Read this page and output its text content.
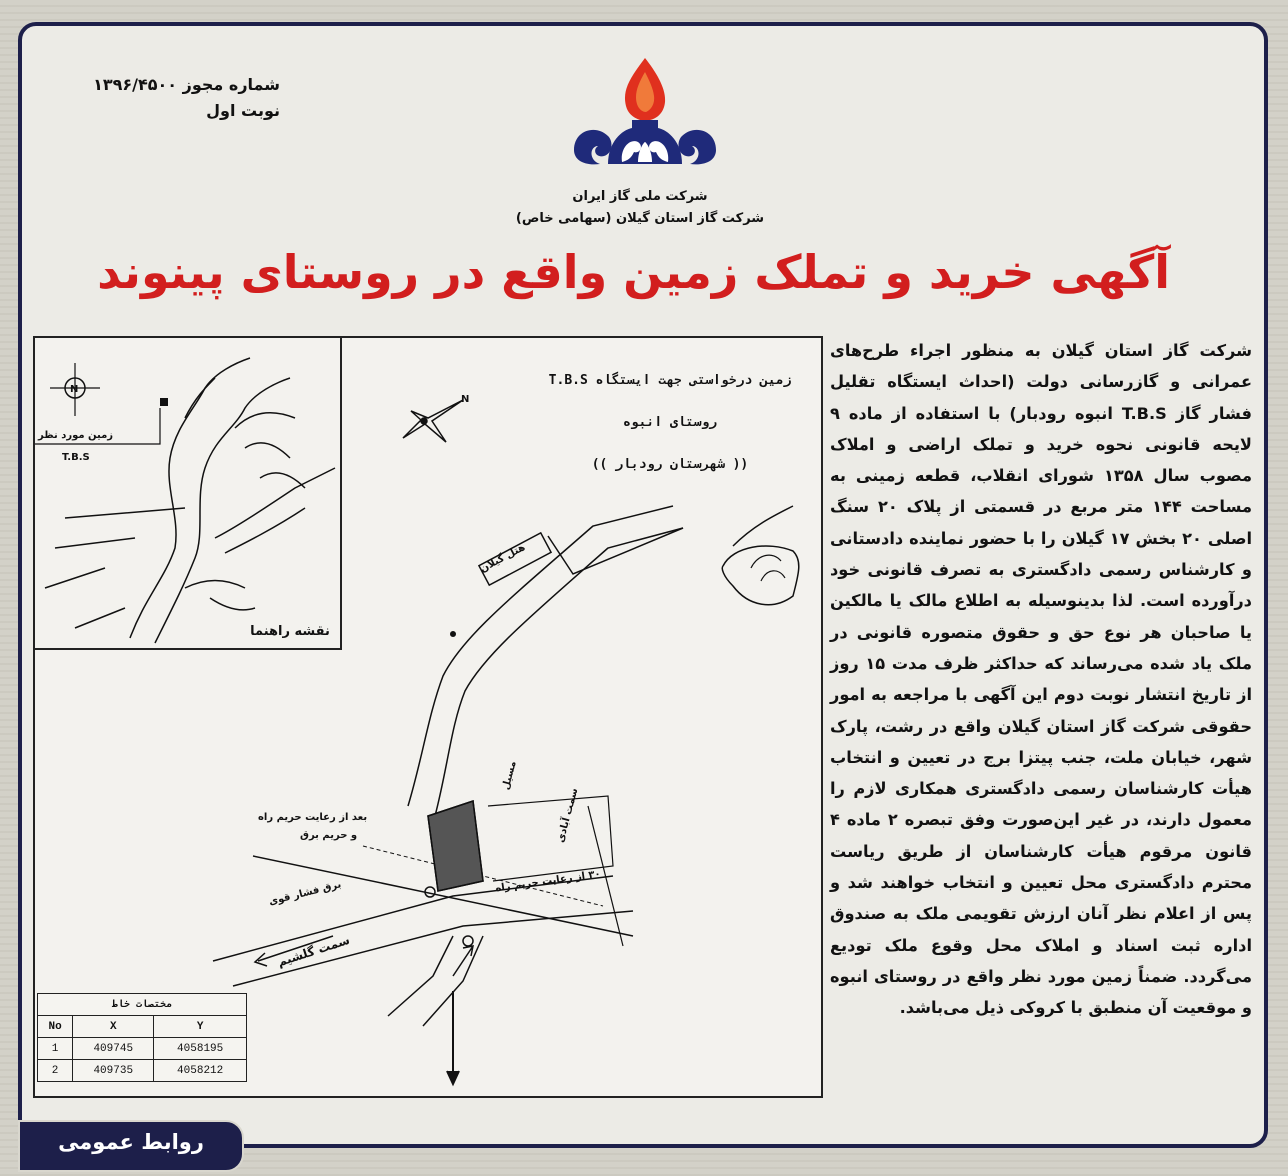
شماره مجوز ۱۳۹۶/۴۵۰۰
نوبت اول
شرکت ملی گاز ایران
شرکت گاز استان گیلان (سهامی خاص)
آگهی خرید و تملک زمین واقع در روستای پینوند
شرکت گاز استان گیلان به منظور اجراء طرح‌های عمرانی و گازرسانی دولت (احداث ایستگاه تقلیل فشار گاز T.B.S انبوه رودبار) با استفاده از ماده ۹ لایحه قانونی نحوه خرید و تملک اراضی و املاک مصوب سال ۱۳۵۸ شورای انقلاب، قطعه زمینی به مساحت ۱۴۴ متر مربع در قسمتی از پلاک ۲۰ سنگ اصلی ۲۰ بخش ۱۷ گیلان را با حضور نماینده دادستانی و کارشناس رسمی دادگستری به تصرف قانونی خود درآورده است. لذا بدینوسیله به اطلاع مالک یا مالکین یا صاحبان هر نوع حق و حقوق متصوره قانونی در ملک یاد شده می‌رساند که حداکثر ظرف مدت ۱۵ روز از تاریخ انتشار نوبت دوم این آگهی با مراجعه به امور حقوقی شرکت گاز استان گیلان واقع در رشت، پارک شهر، خیابان ملت، جنب پیتزا برج در تعیین و انتخاب هیأت کارشناسان رسمی دادگستری همکاری لازم را معمول دارند، در غیر این‌صورت وفق تبصره ۲ ماده ۴ قانون مرقوم هیأت کارشناسان از طریق ریاست محترم دادگستری محل تعیین و انتخاب خواهند شد و پس از اعلام نظر آنان ارزش تقویمی ملک به صندوق اداره ثبت اسناد و املاک محل وقوع ملک تودیع می‌گردد. ضمناً زمین مورد نظر واقع در روستای انبوه و موقعیت آن منطبق با کروکی ذیل می‌باشد.
N
N
زمین مورد نظر
T.B.S
نقشه راهنما
زمین درخواستی جهت ایستگاه T.B.S
روستای انبوه
(( شهرستان رودبار ))
هتل گیلان
بعد از رعایت حریم راه
و حریم برق
برق فشار قوی
سمت گلشیم
۳۰ از رعایت حریم راه
سمت آبادی
مسیل
مختصات خاط		
No	X	Y
1	409745	4058195
2	409735	4058212
روابط عمومی
